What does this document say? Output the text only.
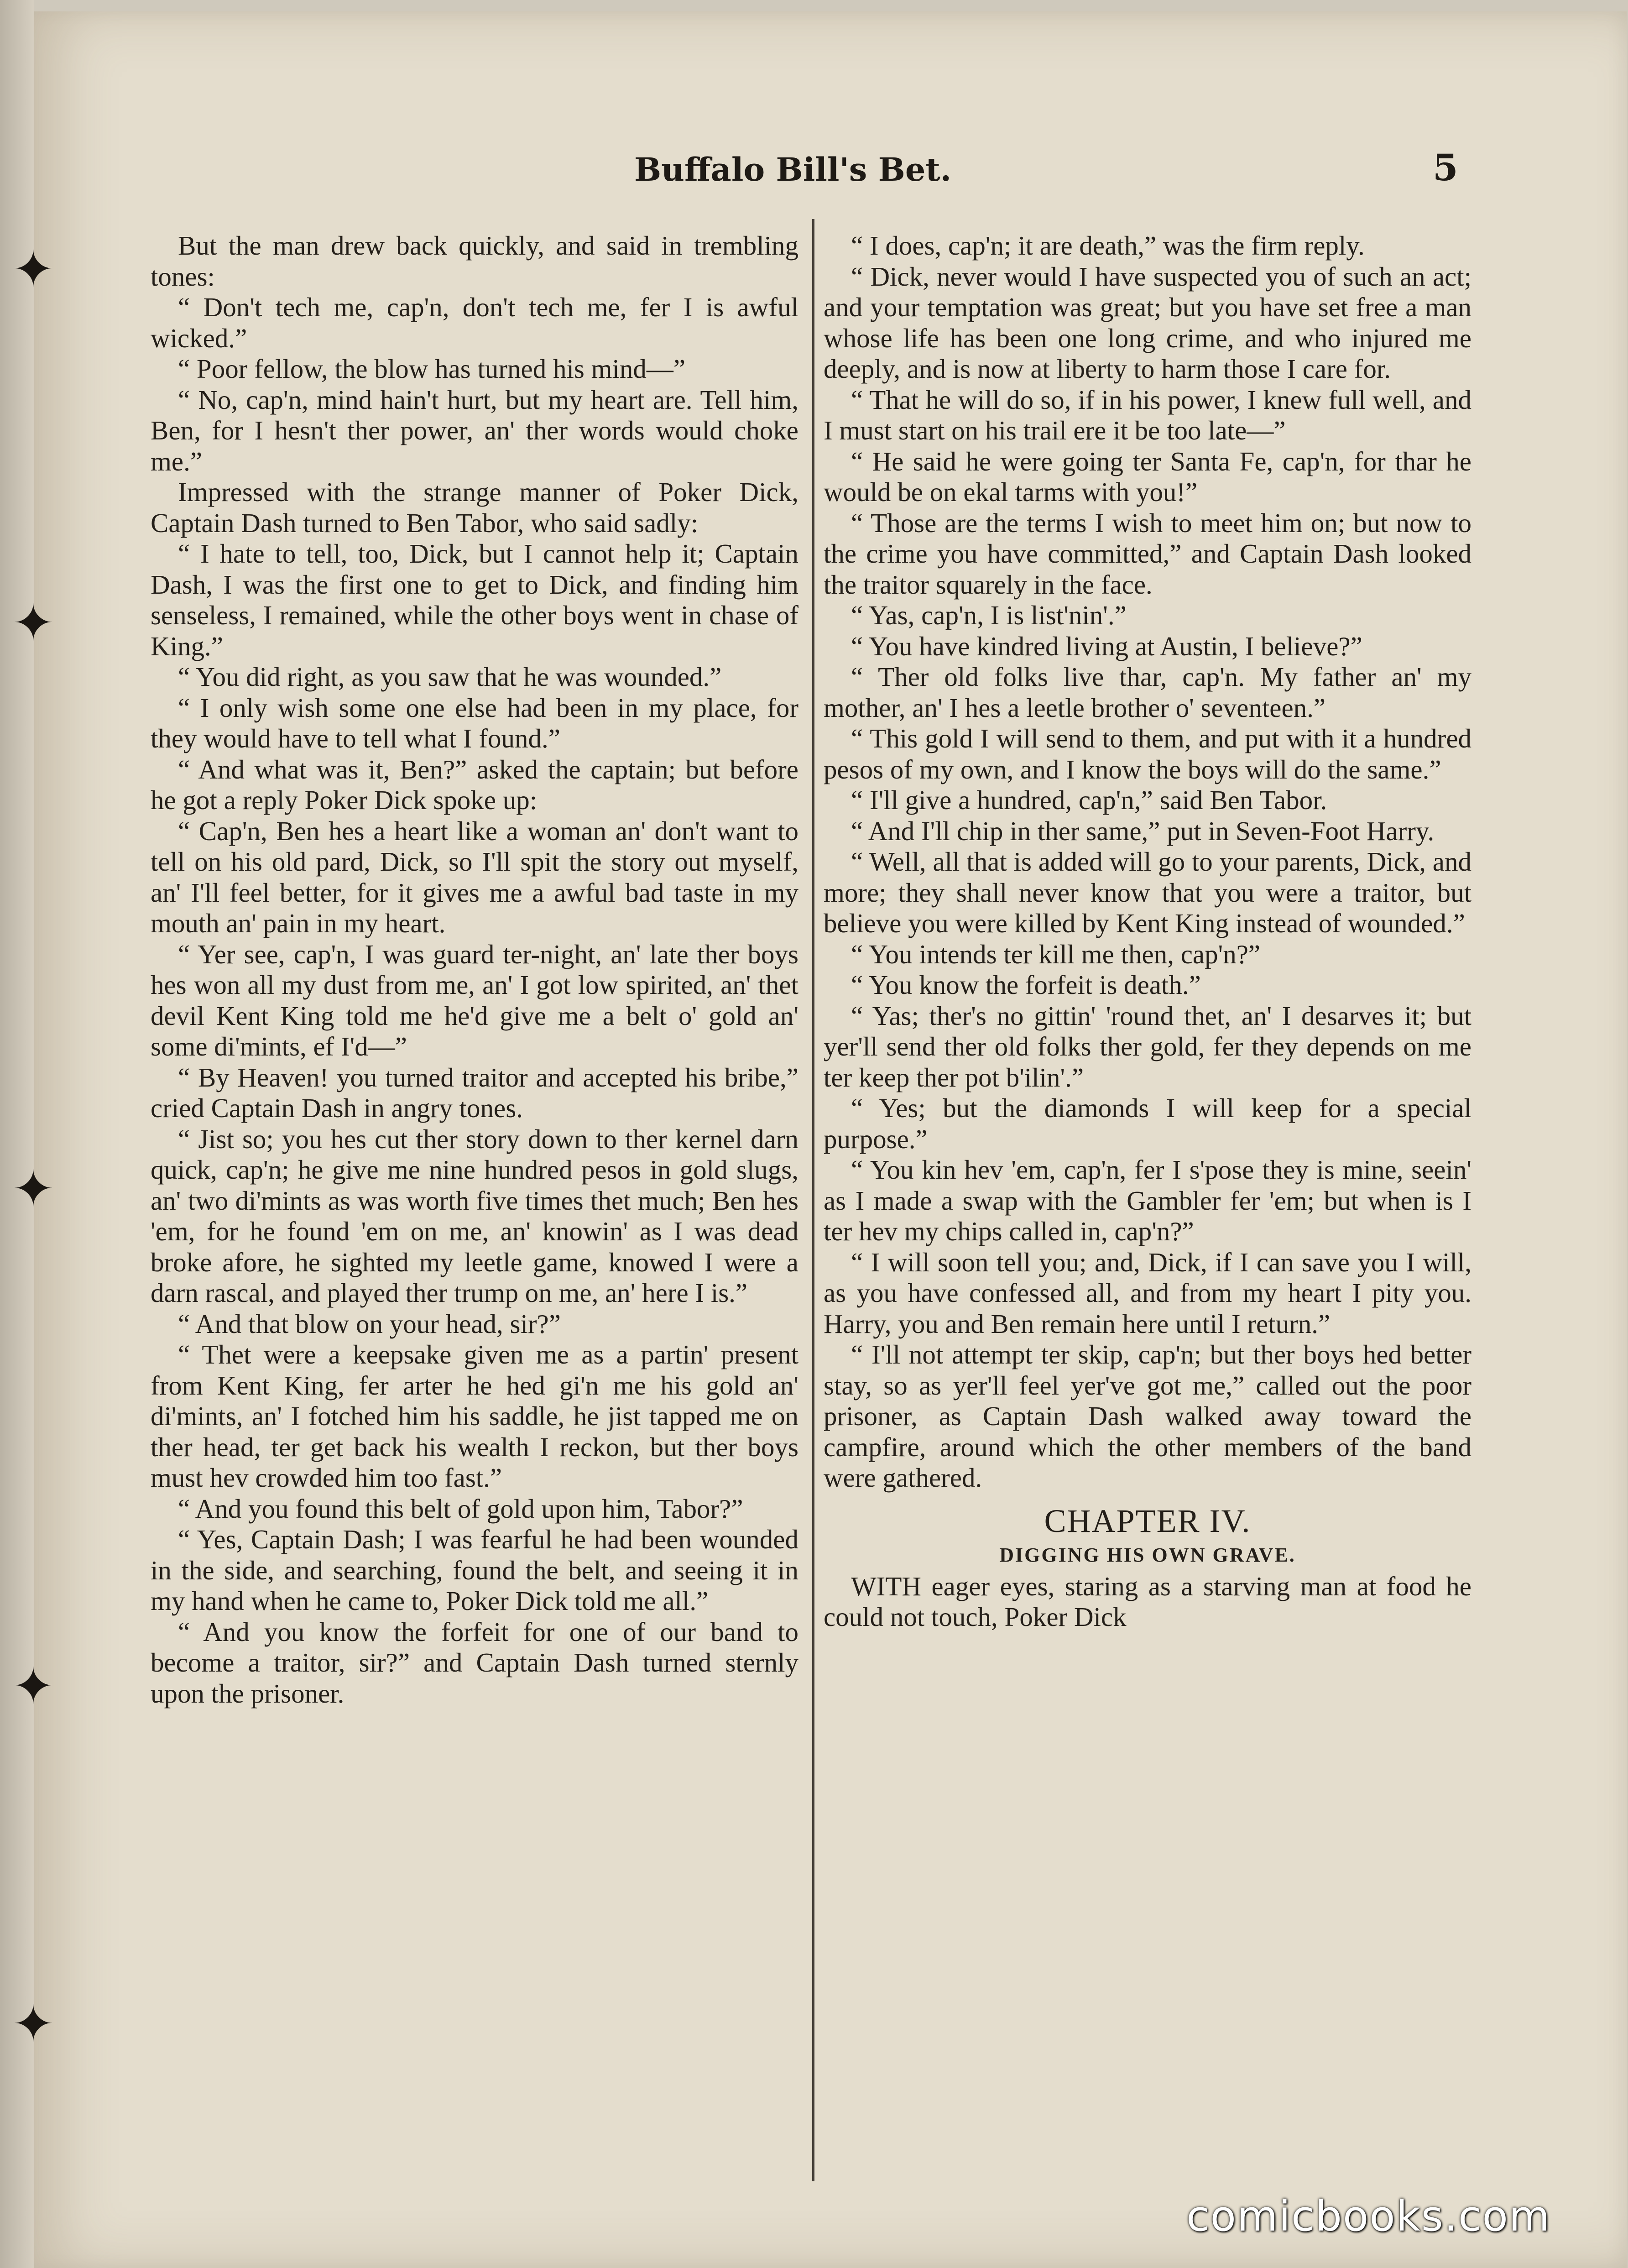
✦
✦
✦
✦
✦
Buffalo Bill's Bet.	5

But the man drew back quickly, and said in trembling tones:

“ Don't tech me, cap'n, don't tech me, fer I is awful wicked.”

“ Poor fellow, the blow has turned his mind—”

“ No, cap'n, mind hain't hurt, but my heart are. Tell him, Ben, for I hesn't ther power, an' ther words would choke me.”

Impressed with the strange manner of Poker Dick, Captain Dash turned to Ben Tabor, who said sadly:

“ I hate to tell, too, Dick, but I cannot help it; Captain Dash, I was the first one to get to Dick, and finding him senseless, I remained, while the other boys went in chase of King.”

“ You did right, as you saw that he was wounded.”

“ I only wish some one else had been in my place, for they would have to tell what I found.”

“ And what was it, Ben?” asked the captain; but before he got a reply Poker Dick spoke up:

“ Cap'n, Ben hes a heart like a woman an' don't want to tell on his old pard, Dick, so I'll spit the story out myself, an' I'll feel better, for it gives me a awful bad taste in my mouth an' pain in my heart.

“ Yer see, cap'n, I was guard ter-night, an' late ther boys hes won all my dust from me, an' I got low spirited, an' thet devil Kent King told me he'd give me a belt o' gold an' some di'mints, ef I'd—”

“ By Heaven! you turned traitor and accepted his bribe,” cried Captain Dash in angry tones.

“ Jist so; you hes cut ther story down to ther kernel darn quick, cap'n; he give me nine hundred pesos in gold slugs, an' two di'mints as was worth five times thet much; Ben hes 'em, for he found 'em on me, an' knowin' as I was dead broke afore, he sighted my leetle game, knowed I were a darn rascal, and played ther trump on me, an' here I is.”

“ And that blow on your head, sir?”

“ Thet were a keepsake given me as a partin' present from Kent King, fer arter he hed gi'n me his gold an' di'mints, an' I fotched him his saddle, he jist tapped me on ther head, ter get back his wealth I reckon, but ther boys must hev crowded him too fast.”

“ And you found this belt of gold upon him, Tabor?”

“ Yes, Captain Dash; I was fearful he had been wounded in the side, and searching, found the belt, and seeing it in my hand when he came to, Poker Dick told me all.”

“ And you know the forfeit for one of our band to become a traitor, sir?” and Captain Dash turned sternly upon the prisoner.

“ I does, cap'n; it are death,” was the firm reply.

“ Dick, never would I have suspected you of such an act; and your temptation was great; but you have set free a man whose life has been one long crime, and who injured me deeply, and is now at liberty to harm those I care for.

“ That he will do so, if in his power, I knew full well, and I must start on his trail ere it be too late—”

“ He said he were going ter Santa Fe, cap'n, for thar he would be on ekal tarms with you!”

“ Those are the terms I wish to meet him on; but now to the crime you have committed,” and Captain Dash looked the traitor squarely in the face.

“ Yas, cap'n, I is list'nin'.”

“ You have kindred living at Austin, I believe?”

“ Ther old folks live thar, cap'n. My father an' my mother, an' I hes a leetle brother o' seventeen.”

“ This gold I will send to them, and put with it a hundred pesos of my own, and I know the boys will do the same.”

“ I'll give a hundred, cap'n,” said Ben Tabor.

“ And I'll chip in ther same,” put in Seven-Foot Harry.

“ Well, all that is added will go to your parents, Dick, and more; they shall never know that you were a traitor, but believe you were killed by Kent King instead of wounded.”

“ You intends ter kill me then, cap'n?”

“ You know the forfeit is death.”

“ Yas; ther's no gittin' 'round thet, an' I desarves it; but yer'll send ther old folks ther gold, fer they depends on me ter keep ther pot b'ilin'.”

“ Yes; but the diamonds I will keep for a special purpose.”

“ You kin hev 'em, cap'n, fer I s'pose they is mine, seein' as I made a swap with the Gambler fer 'em; but when is I ter hev my chips called in, cap'n?”

“ I will soon tell you; and, Dick, if I can save you I will, as you have confessed all, and from my heart I pity you. Harry, you and Ben remain here until I return.”

“ I'll not attempt ter skip, cap'n; but ther boys hed better stay, so as yer'll feel yer've got me,” called out the poor prisoner, as Captain Dash walked away toward the campfire, around which the other members of the band were gathered.

CHAPTER IV.

DIGGING HIS OWN GRAVE.

WITH eager eyes, staring as a starving man at food he could not touch, Poker Dick

comicbooks.com
